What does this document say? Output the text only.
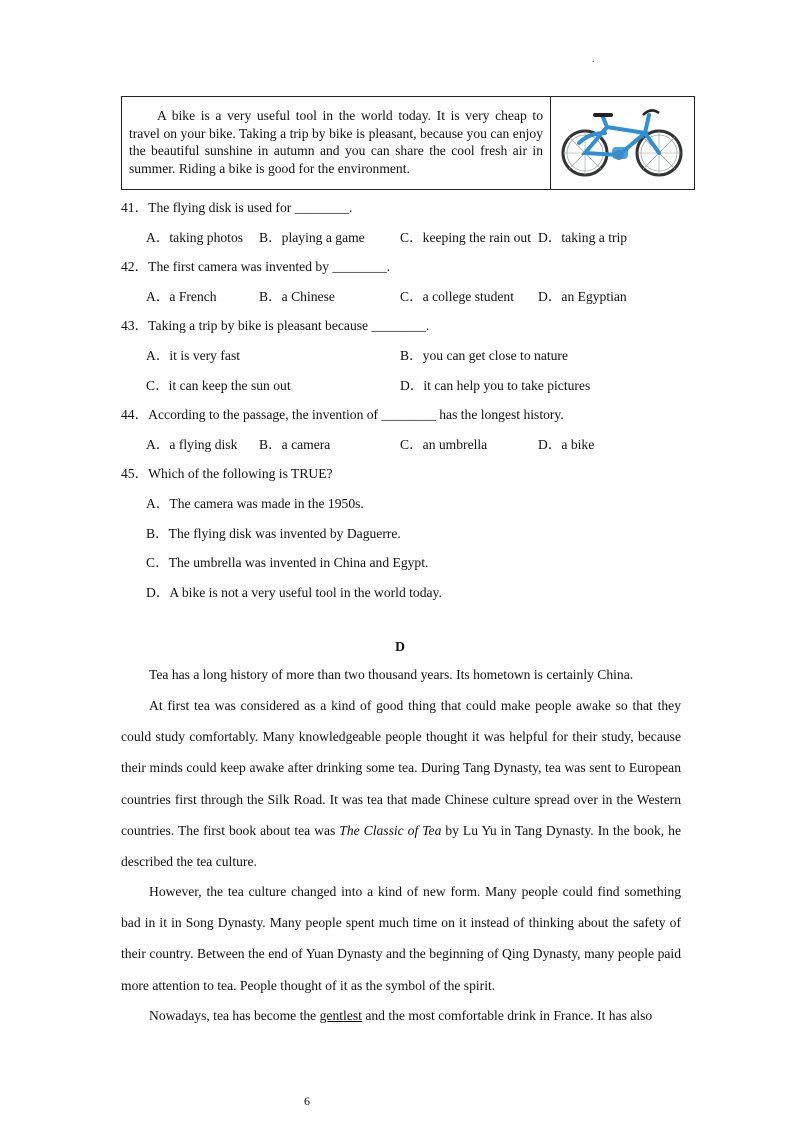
.
A bike is a very useful tool in the world today. It is very cheap to travel on your bike. Taking a trip by bike is pleasant, because you can enjoy the beautiful sunshine in autumn and you can share the cool fresh air in summer. Riding a bike is good for the environment.
41．The flying disk is used for ________.
A．taking photos B．playing a game	C．keeping the rain out D．taking a trip
42．The first camera was invented by ________.
A．a French	B．a Chinese	C．a college student D．an Egyptian
43．Taking a trip by bike is pleasant because ________.
A．it is very fast	B．you can get close to nature
C．it can keep the sun out	D．it can help you to take pictures
44．According to the passage, the invention of ________ has the longest history.
A．a flying disk B．a camera	C．an umbrella	D．a bike
45．Which of the following is TRUE?
A．The camera was made in the 1950s.
B．The flying disk was invented by Daguerre.
C．The umbrella was invented in China and Egypt.
D．A bike is not a very useful tool in the world today.
D
Tea has a long history of more than two thousand years. Its hometown is certainly China.
At first tea was considered as a kind of good thing that could make people awake so that they could study comfortably. Many knowledgeable people thought it was helpful for their study, because their minds could keep awake after drinking some tea. During Tang Dynasty, tea was sent to European countries first through the Silk Road. It was tea that made Chinese culture spread over in the Western countries. The first book about tea was The Classic of Tea by Lu Yu in Tang Dynasty. In the book, he described the tea culture.
However, the tea culture changed into a kind of new form. Many people could find something bad in it in Song Dynasty. Many people spent much time on it instead of thinking about the safety of their country. Between the end of Yuan Dynasty and the beginning of Qing Dynasty, many people paid more attention to tea. People thought of it as the symbol of the spirit.
Nowadays, tea has become the gentlest and the most comfortable drink in France. It has also
6
